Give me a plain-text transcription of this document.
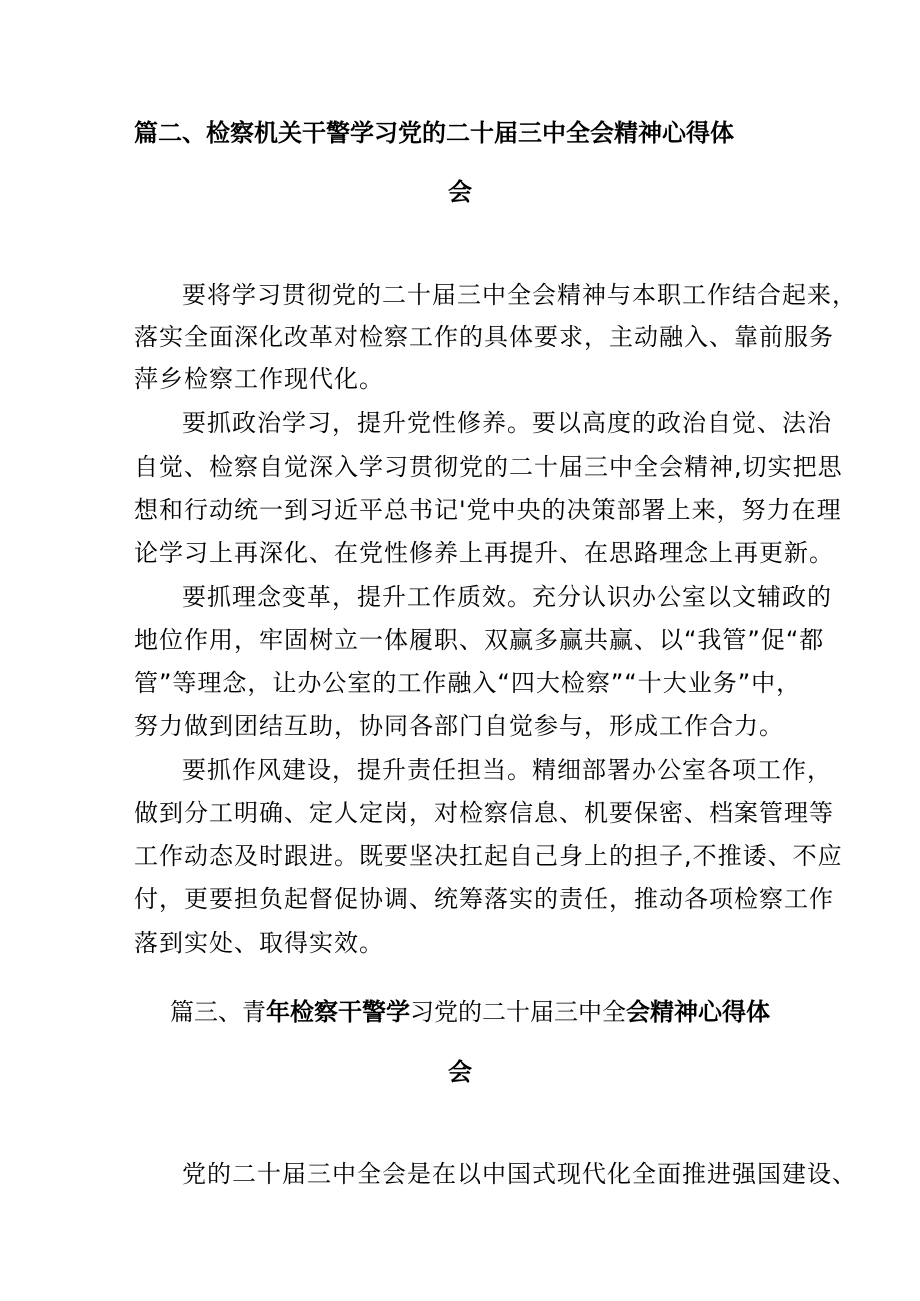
篇二、检察机关干警学习党的二十届三中全会精神心得体
会
要将学习贯彻党的二十届三中全会精神与本职工作结合起来，
落实全面深化改革对检察工作的具体要求，主动融入、靠前服务
萍乡检察工作现代化。
要抓政治学习，提升党性修养。要以高度的政治自觉、法治
自觉、检察自觉深入学习贯彻党的二十届三中全会精神,切实把思
想和行动统一到习近平总书记'党中央的决策部署上来，努力在理
论学习上再深化、在党性修养上再提升、在思路理念上再更新。
要抓理念变革，提升工作质效。充分认识办公室以文辅政的
地位作用，牢固树立一体履职、双赢多赢共赢、以“我管”促“都
管”等理念，让办公室的工作融入“四大检察”“十大业务”中，
努力做到团结互助，协同各部门自觉参与，形成工作合力。
要抓作风建设，提升责任担当。精细部署办公室各项工作，
做到分工明确、定人定岗，对检察信息、机要保密、档案管理等
工作动态及时跟进。既要坚决扛起自己身上的担子,不推诿、不应
付，更要担负起督促协调、统筹落实的责任，推动各项检察工作
落到实处、取得实效。
篇三、青年检察干警学习党的二十届三中全会精神心得体
会
党的二十届三中全会是在以中国式现代化全面推进强国建设、
